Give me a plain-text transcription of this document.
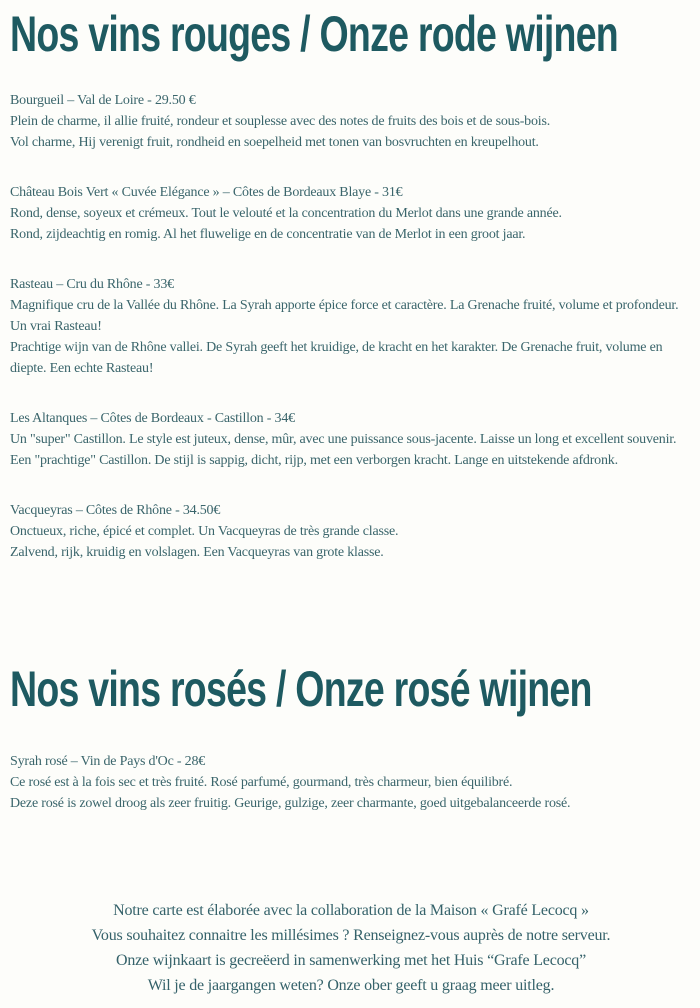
Nos vins rouges / Onze rode wijnen

Bourgueil – Val de Loire - 29.50 €

Plein de charme, il allie fruité, rondeur et souplesse avec des notes de fruits des bois et de sous-bois.

Vol charme, Hij verenigt fruit, rondheid en soepelheid met tonen van bosvruchten en kreupelhout.

Château Bois Vert « Cuvée Elégance » – Côtes de Bordeaux Blaye - 31€

Rond, dense, soyeux et crémeux. Tout le velouté et la concentration du Merlot dans une grande année.

Rond, zijdeachtig en romig. Al het fluwelige en de concentratie van de Merlot in een groot jaar.

Rasteau – Cru du Rhône - 33€

Magnifique cru de la Vallée du Rhône. La Syrah apporte épice force et caractère. La Grenache fruité, volume et profondeur. Un vrai Rasteau!

Prachtige wijn van de Rhône vallei. De Syrah geeft het kruidige, de kracht en het karakter. De Grenache fruit, volume en diepte. Een echte Rasteau!

Les Altanques – Côtes de Bordeaux - Castillon - 34€

Un "super" Castillon. Le style est juteux, dense, mûr, avec une puissance sous-jacente. Laisse un long et excellent souvenir.

Een "prachtige" Castillon. De stijl is sappig, dicht, rijp, met een verborgen kracht. Lange en uitstekende afdronk.

Vacqueyras – Côtes de Rhône - 34.50€

Onctueux, riche, épicé et complet. Un Vacqueyras de très grande classe.

Zalvend, rijk, kruidig en volslagen. Een Vacqueyras van grote klasse.

Nos vins rosés / Onze rosé wijnen

Syrah rosé – Vin de Pays d'Oc - 28€

Ce rosé est à la fois sec et très fruité. Rosé parfumé, gourmand, très charmeur, bien équilibré.

Deze rosé is zowel droog als zeer fruitig. Geurige, gulzige, zeer charmante, goed uitgebalanceerde rosé.

Notre carte est élaborée avec la collaboration de la Maison « Grafé Lecocq »

Vous souhaitez connaitre les millésimes ? Renseignez-vous auprès de notre serveur.

Onze wijnkaart is gecreëerd in samenwerking met het Huis “Grafe Lecocq”

Wil je de jaargangen weten? Onze ober geeft u graag meer uitleg.
